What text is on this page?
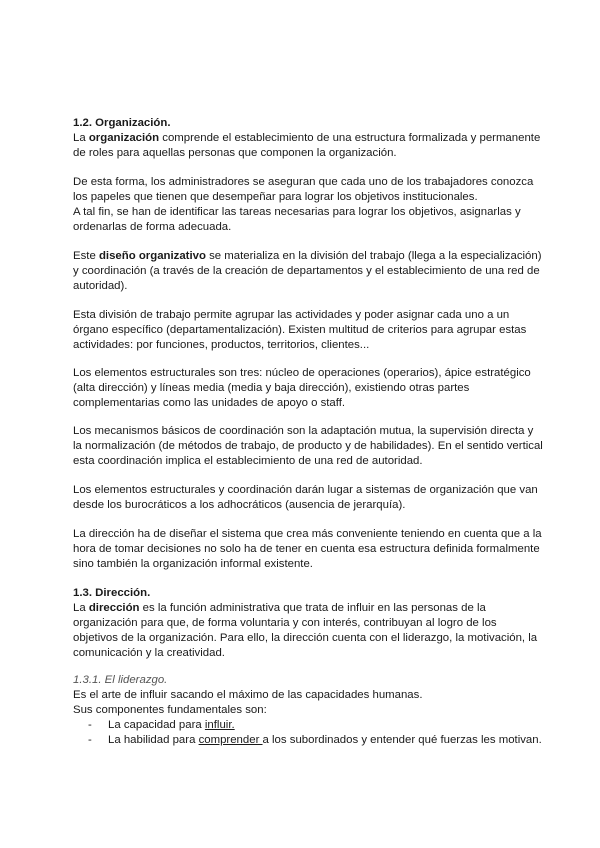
1.2. Organización.

La organización comprende el establecimiento de una estructura formalizada y permanente de roles para aquellas personas que componen la organización.

De esta forma, los administradores se aseguran que cada uno de los trabajadores conozca los papeles que tienen que desempeñar para lograr los objetivos institucionales.

A tal fin, se han de identificar las tareas necesarias para lograr los objetivos, asignarlas y ordenarlas de forma adecuada.

Este diseño organizativo se materializa en la división del trabajo (llega a la especialización) y coordinación (a través de la creación de departamentos y el establecimiento de una red de autoridad).

Esta división de trabajo permite agrupar las actividades y poder asignar cada uno a un órgano específico (departamentalización). Existen multitud de criterios para agrupar estas actividades: por funciones, productos, territorios, clientes...

Los elementos estructurales son tres: núcleo de operaciones (operarios), ápice estratégico (alta dirección) y líneas media (media y baja dirección), existiendo otras partes complementarias como las unidades de apoyo o staff.

Los mecanismos básicos de coordinación son la adaptación mutua, la supervisión directa y la normalización (de métodos de trabajo, de producto y de habilidades). En el sentido vertical esta coordinación implica el establecimiento de una red de autoridad.

Los elementos estructurales y coordinación darán lugar a sistemas de organización que van desde los burocráticos a los adhocráticos (ausencia de jerarquía).

La dirección ha de diseñar el sistema que crea más conveniente teniendo en cuenta que a la hora de tomar decisiones no solo ha de tener en cuenta esa estructura definida formalmente sino también la organización informal existente.

1.3. Dirección.

La dirección es la función administrativa que trata de influir en las personas de la organización para que, de forma voluntaria y con interés, contribuyan al logro de los objetivos de la organización. Para ello, la dirección cuenta con el liderazgo, la motivación, la comunicación y la creatividad.

1.3.1. El liderazgo.

Es el arte de influir sacando el máximo de las capacidades humanas.

Sus componentes fundamentales son:

- La capacidad para influir.
- La habilidad para comprender a los subordinados y entender qué fuerzas les motivan.
